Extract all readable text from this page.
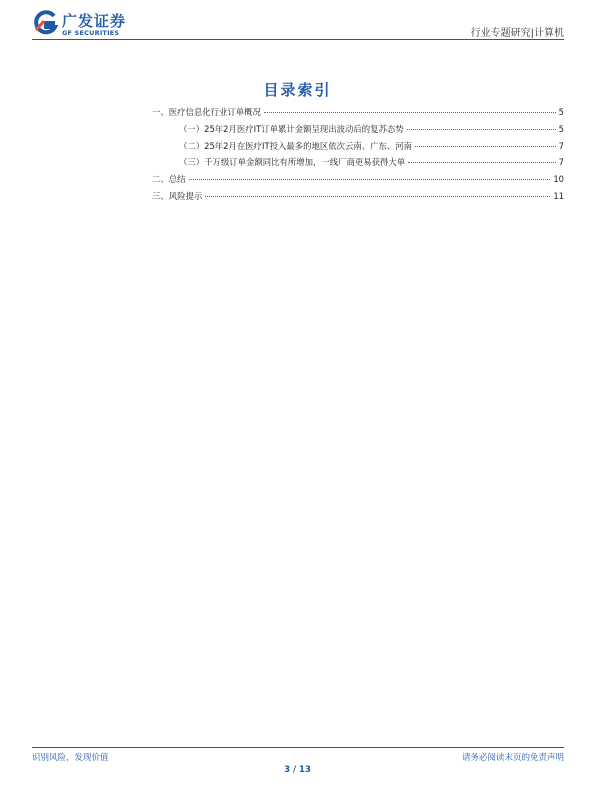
广发证券
GF SECURITIES	行业专题研究|计算机
目录索引
一、医疗信息化行业订单概况	5
（一）25年2月医疗IT订单累计金额呈现出波动后的复苏态势	5
（二）25年2月在医疗IT投入最多的地区依次云南、广东、河南	7
（三）千万级订单金额同比有所增加，一线厂商更易获得大单	7
二、总结	10
三、风险提示	11
识别风险，发现价值	请务必阅读末页的免责声明
3 / 13
